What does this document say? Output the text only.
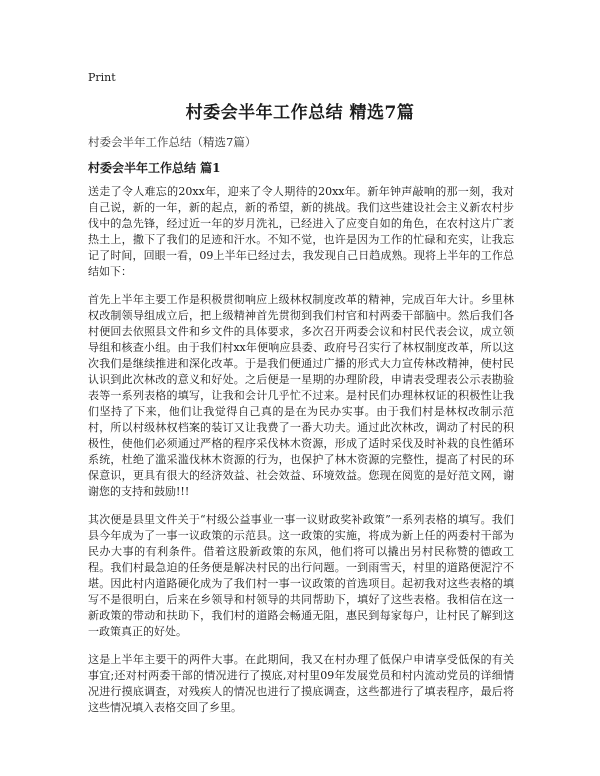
Print
村委会半年工作总结 精选7篇
村委会半年工作总结（精选7篇）
村委会半年工作总结 篇1

送走了令人难忘的20xx年，迎来了令人期待的20xx年。新年钟声敲响的那一刻，我对自己说，新的一年，新的起点，新的希望，新的挑战。我们这些建设社会主义新农村步伐中的急先锋，经过近一年的岁月洗礼，已经进入了应变自如的角色，在农村这片广袤热土上，撒下了我们的足迹和汗水。不知不觉，也许是因为工作的忙碌和充实，让我忘记了时间，回眼一看，09上半年已经过去，我发现自己日趋成熟。现将上半年的工作总结如下：

首先上半年主要工作是积极贯彻响应上级林权制度改革的精神，完成百年大计。乡里林权改制领导组成立后，把上级精神首先贯彻到我们村官和村两委干部脑中。然后我们各村便回去依照县文件和乡文件的具体要求，多次召开两委会议和村民代表会议，成立领导组和核查小组。由于我们村xx年便响应县委、政府号召实行了林权制度改革，所以这次我们是继续推进和深化改革。于是我们便通过广播的形式大力宣传林改精神，使村民认识到此次林改的意义和好处。之后便是一星期的办理阶段，申请表受理表公示表勘验表等一系列表格的填写，让我和会计几乎忙不过来。是村民们办理林权证的积极性让我们坚持了下来，他们让我觉得自己真的是在为民办实事。由于我们村是林权改制示范村，所以村级林权档案的装订又让我费了一番大功夫。通过此次林改，调动了村民的积极性，使他们必须通过严格的程序采伐林木资源，形成了适时采伐及时补栽的良性循环系统，杜绝了滥采滥伐林木资源的行为，也保护了林木资源的完整性，提高了村民的环保意识，更具有很大的经济效益、社会效益、环境效益。您现在阅览的是好范文网，谢谢您的支持和鼓励!!!

其次便是县里文件关于“村级公益事业一事一议财政奖补政策”一系列表格的填写。我们县今年成为了一事一议政策的示范县。这一政策的实施，将成为新上任的两委村干部为民办大事的有利条件。借着这股新政策的东风，他们将可以撬出另村民称赞的德政工程。我们村最急迫的任务便是解决村民的出行问题。一到雨雪天，村里的道路便泥泞不堪。因此村内道路硬化成为了我们村一事一议政策的首选项目。起初我对这些表格的填写不是很明白，后来在乡领导和村领导的共同帮助下，填好了这些表格。我相信在这一新政策的带动和扶助下，我们村的道路会畅通无阻，惠民到每家每户，让村民了解到这一政策真正的好处。

这是上半年主要干的两件大事。在此期间，我又在村办理了低保户申请享受低保的有关事宜;还对村两委干部的情况进行了摸底,对村里09年发展党员和村内流动党员的详细情况进行摸底调查，对残疾人的情况也进行了摸底调查，这些都进行了填表程序，最后将这些情况填入表格交回了乡里。
